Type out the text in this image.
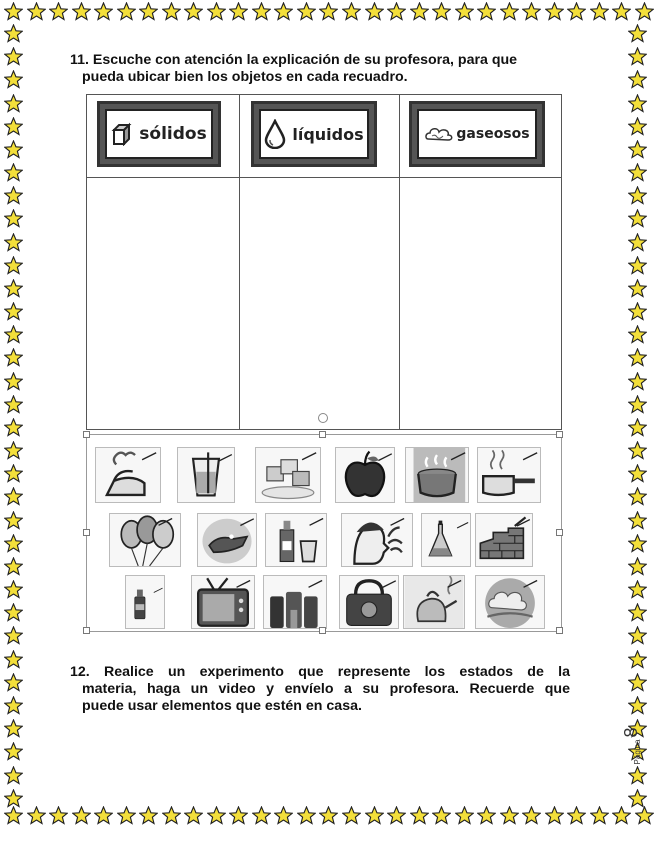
11. Escuche con atención la explicación de su profesora, para que
pueda ubicar bien los objetos en cada recuadro.
sólidos	líquidos	gaseosos
12. Realice un experimento que represente los estados de la
materia, haga un video y envíelo a su profesora. Recuerde que
puede usar elementos que estén en casa.
Página
8
